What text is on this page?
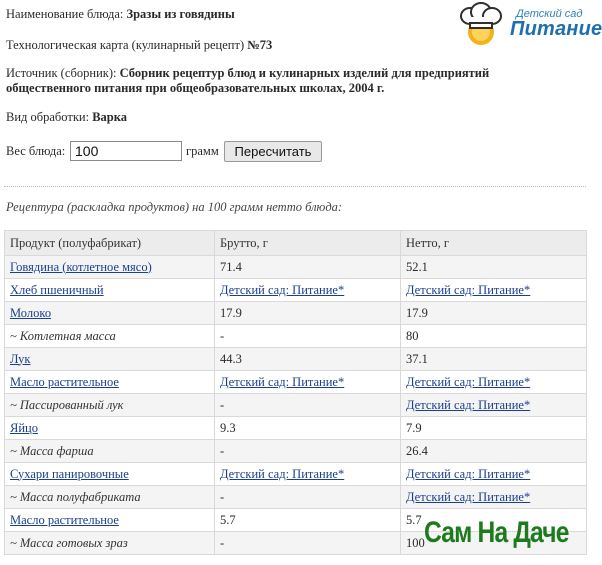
Наименование блюда: Зразы из говядины	Детский сад
Питание
Технологическая карта (кулинарный рецепт) №73
Источник (сборник): Сборник рецептур блюд и кулинарных изделий для предприятий
общественного питания при общеобразовательных школах, 2004 г.
Вид обработки: Варка
Вес блюда:
100	грамм	Пересчитать
Рецептура (раскладка продуктов) на 100 грамм нетто блюда:
Продукт (полуфабрикат)	Брутто, г	Нетто, г
Говядина (котлетное мясо)	71.4	52.1
Хлеб пшеничный	Детский сад: Питание*	Детский сад: Питание*
Молоко	17.9	17.9
~ Котлетная масса	-	80
Лук	44.3	37.1
Масло растительное	Детский сад: Питание*	Детский сад: Питание*
~ Пассированный лук	-	Детский сад: Питание*
Яйцо	9.3	7.9
~ Масса фарша	-	26.4
Сухари панировочные	Детский сад: Питание*	Детский сад: Питание*
~ Масса полуфабриката	-	Детский сад: Питание*
Масло растительное	5.7	5.7
~ Масса готовых зраз	-	100 Сам На Даче
